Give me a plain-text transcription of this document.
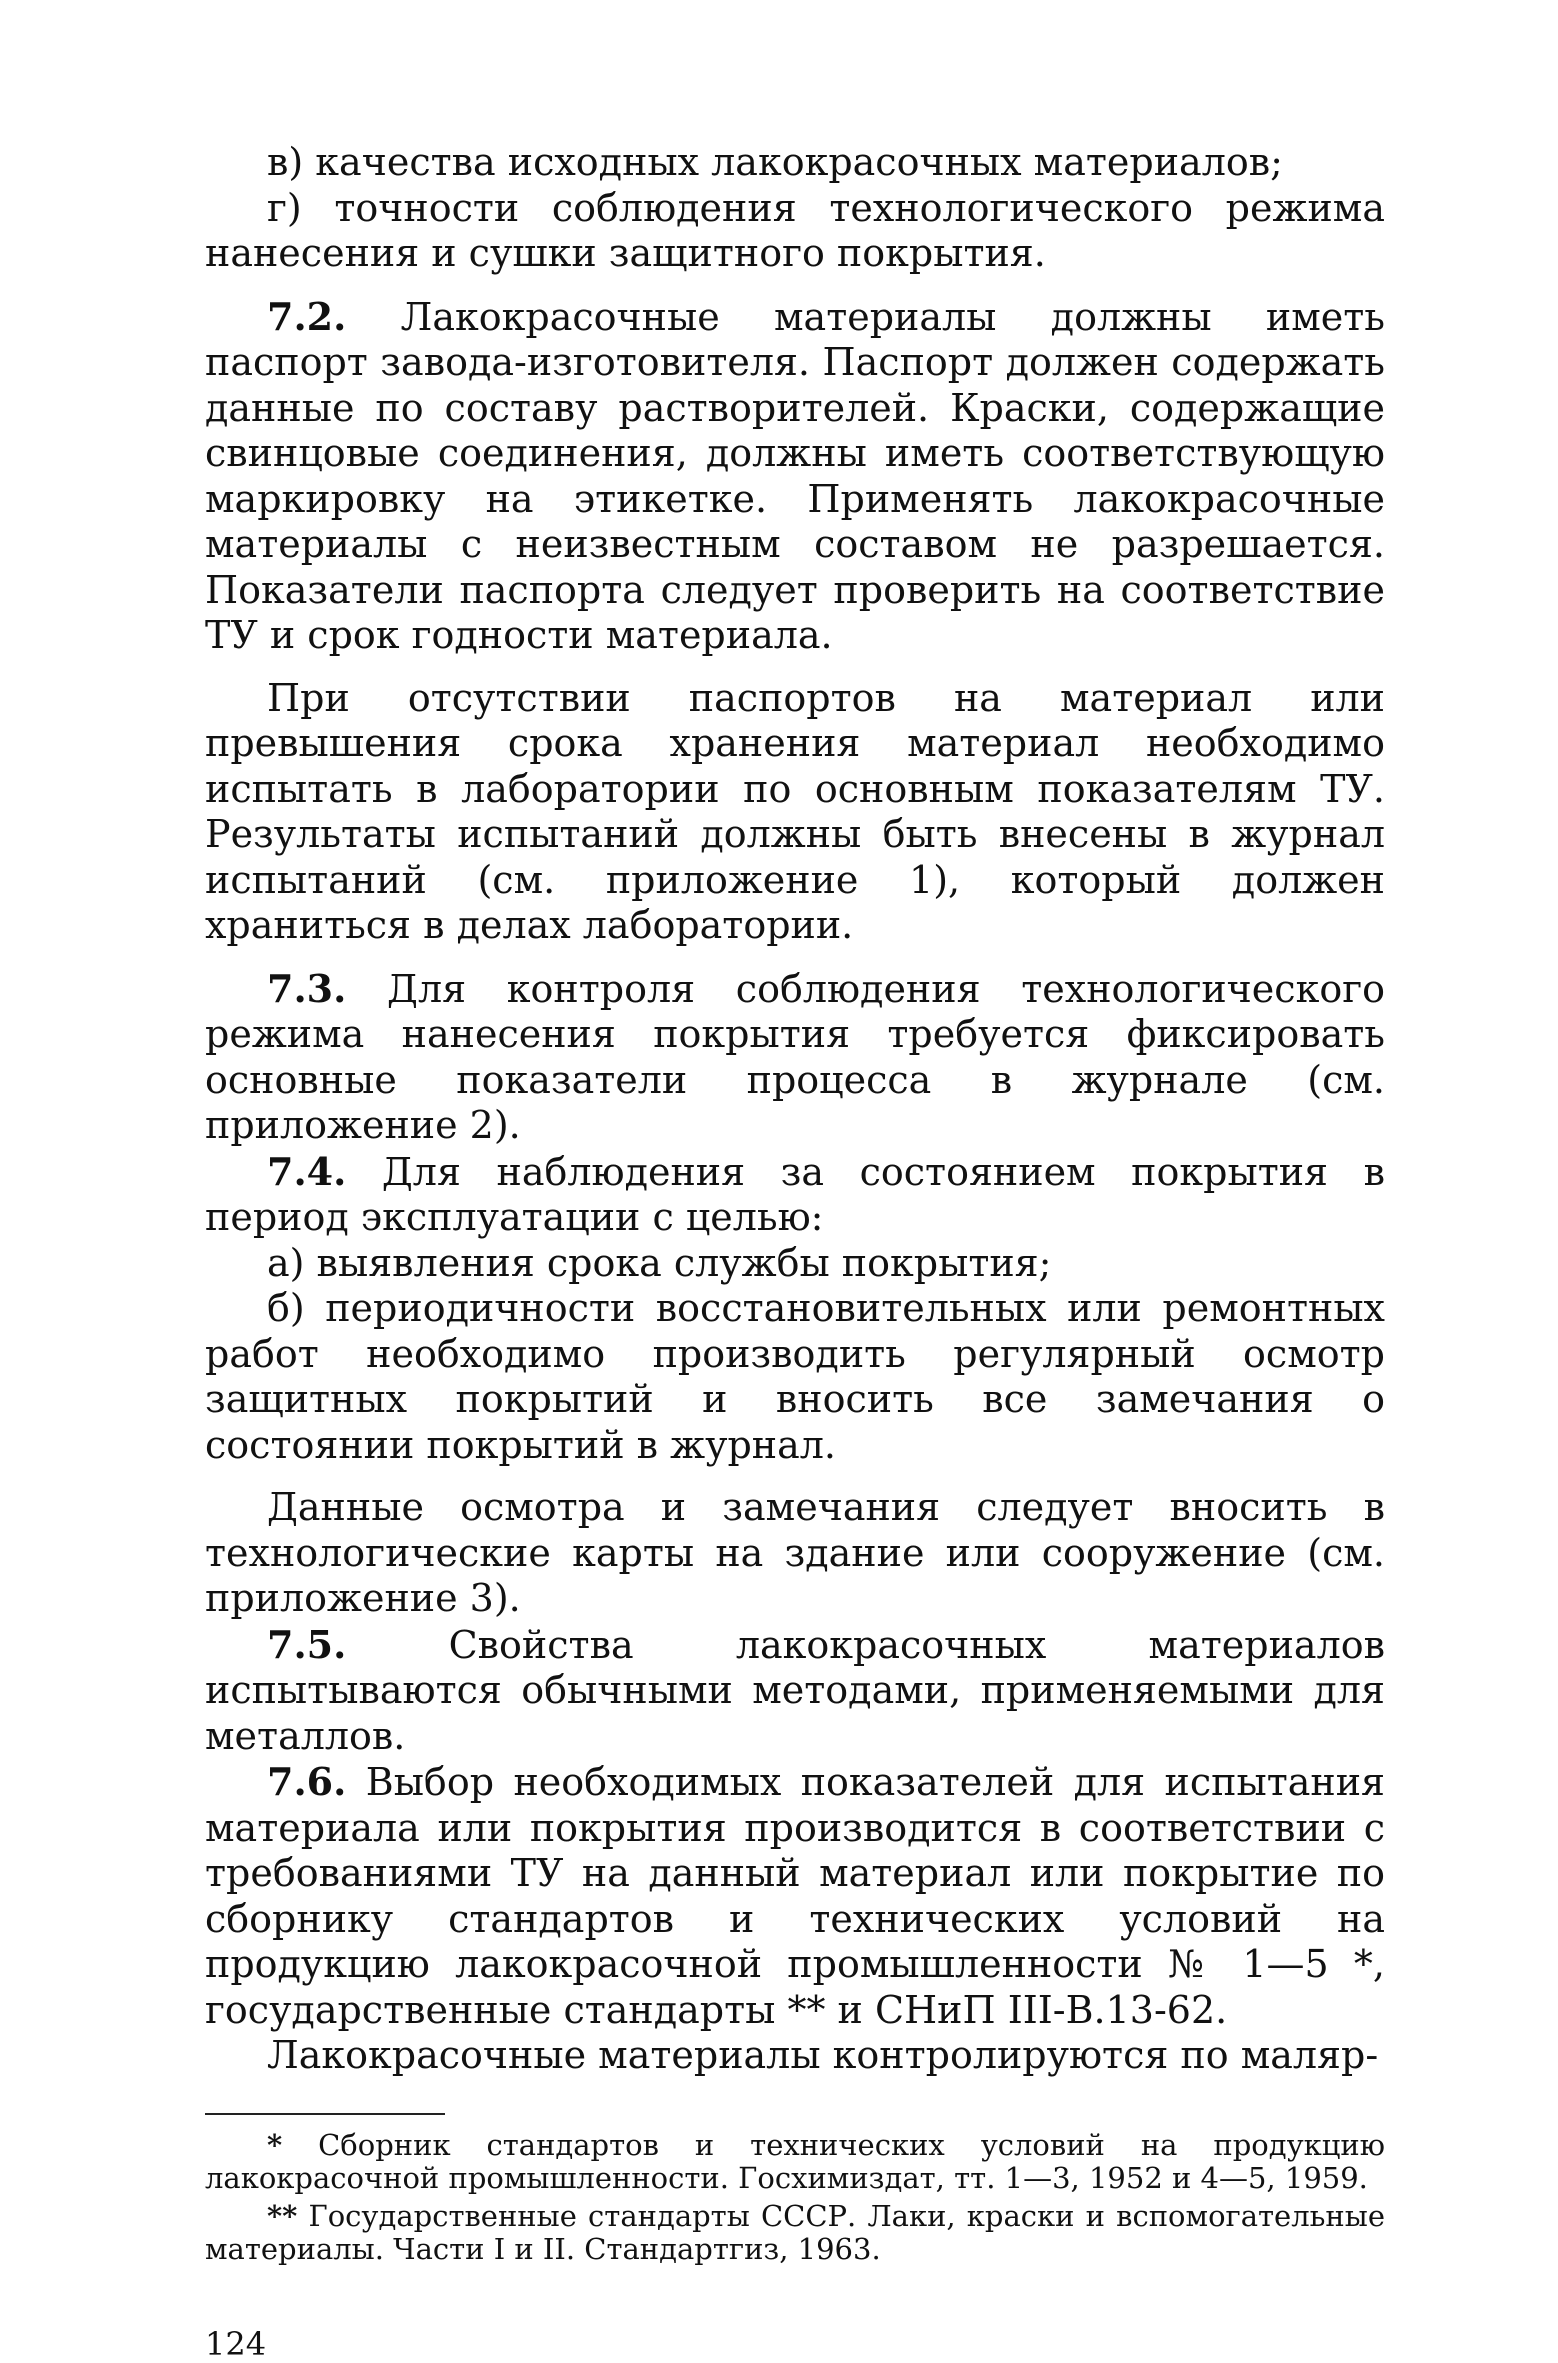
в) качества исходных лакокрасочных материалов;

г) точности соблюдения технологического режима нанесения и сушки защитного покрытия.

7.2. Лакокрасочные материалы должны иметь паспорт завода-изготовителя. Паспорт должен содержать данные по составу растворителей. Краски, содержащие свинцовые соединения, должны иметь соответствующую маркировку на этикетке. Применять лакокрасочные материалы с неизвестным составом не разрешается. Показатели паспорта следует проверить на соответствие ТУ и срок годности материала.

При отсутствии паспортов на материал или превышения срока хранения материал необходимо испытать в лаборатории по основным показателям ТУ. Результаты испытаний должны быть внесены в журнал испытаний (см. приложение 1), который должен храниться в делах лаборатории.

7.3. Для контроля соблюдения технологического режима нанесения покрытия требуется фиксировать основные показатели процесса в журнале (см. приложение 2).

7.4. Для наблюдения за состоянием покрытия в период эксплуатации с целью:

а) выявления срока службы покрытия;

б) периодичности восстановительных или ремонтных работ необходимо производить регулярный осмотр защитных покрытий и вносить все замечания о состоянии покрытий в журнал.

Данные осмотра и замечания следует вносить в технологические карты на здание или сооружение (см. приложение 3).

7.5. Свойства лакокрасочных материалов испытываются обычными методами, применяемыми для металлов.

7.6. Выбор необходимых показателей для испытания материала или покрытия производится в соответствии с требованиями ТУ на данный материал или покрытие по сборнику стандартов и технических условий на продукцию лакокрасочной промышленности № 1—5 *, государственные стандарты ** и СНиП III-В.13-62.

Лакокрасочные материалы контролируются по маляр-

* Сборник стандартов и технических условий на продукцию лакокрасочной промышленности. Госхимиздат, тт. 1—3, 1952 и 4—5, 1959.

** Государственные стандарты СССР. Лаки, краски и вспомогательные материалы. Части I и II. Стандартгиз, 1963.

124
